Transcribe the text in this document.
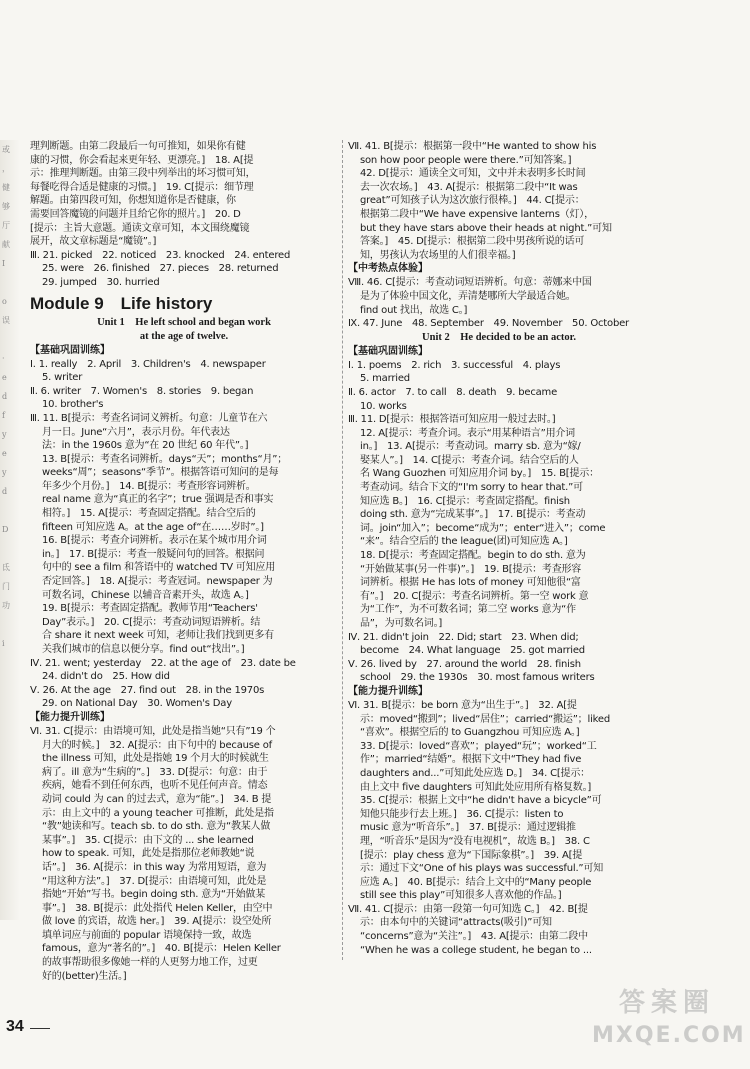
或
，
健
够
厅
献
I
o
误
·
e
d
f
y
e
y
d
D
氐
门
功
i
理判断题。由第二段最后一句可推知，如果你有健
康的习惯，你会看起来更年轻、更漂亮。]　18. A[提
示：推理判断题。由第三段中列举出的坏习惯可知，
每餐吃得合适是健康的习惯。]　19. C[提示：细节理
解题。由第四段可知，你想知道你是否健康，你
需要回答魔镜的问题并且给它你的照片。]　20. D
[提示：主旨大意题。通读文章可知，本文围绕魔镜
展开，故文章标题是“魔镜”。]
Ⅲ. 21. picked　22. noticed　23. knocked　24. entered
25. were　26. finished　27. pieces　28. returned
29. jumped　30. hurried
Module 9　Life history
Unit 1　He left school and began work
at the age of twelve.
【基础巩固训练】
Ⅰ. 1. really　2. April　3. Children's　4. newspaper
5. writer
Ⅱ. 6. writer　7. Women's　8. stories　9. began
10. brother's
Ⅲ. 11. B[提示：考查名词词义辨析。句意：儿童节在六
月一日。June“六月”，表示月份。年代表达
法：in the 1960s 意为“在 20 世纪 60 年代”。]
13. B[提示：考查名词辨析。days“天”；months“月”；
weeks“周”；seasons“季节”。根据答语可知问的是每
年多少个月份。]　14. B[提示：考查形容词辨析。
real name 意为“真正的名字”；true 强调是否和事实
相符。]　15. A[提示：考查固定搭配。结合空后的
fifteen 可知应选 A。at the age of“在……岁时”。]
16. B[提示：考查介词辨析。表示在某个城市用介词
in。]　17. B[提示：考查一般疑问句的回答。根据问
句中的 see a film 和答语中的 watched TV 可知应用
否定回答。]　18. A[提示：考查冠词。newspaper 为
可数名词，Chinese 以辅音音素开头，故选 A。]
19. B[提示：考查固定搭配。教师节用“Teachers'
Day”表示。]　20. C[提示：考查动词短语辨析。结
合 share it next week 可知，老师让我们找到更多有
关我们城市的信息以便分享。find out“找出”。]
Ⅳ. 21. went; yesterday　22. at the age of　23. date be
24. didn't do　25. How did
Ⅴ. 26. At the age　27. find out　28. in the 1970s
29. on National Day　30. Women's Day
【能力提升训练】
Ⅵ. 31. C[提示：由语境可知，此处是指当她“只有”19 个
月大的时候。]　32. A[提示：由下句中的 because of
the illness 可知，此处是指她 19 个月大的时候就生
病了。ill 意为“生病的”。]　33. D[提示：句意：由于
疾病，她看不到任何东西，也听不见任何声音。情态
动词 could 为 can 的过去式，意为“能”。]　34. B 提
示：由上文中的 a young teacher 可推断，此处是指
“教”她读和写。teach sb. to do sth. 意为“教某人做
某事”。]　35. C[提示：由下文的 ... she learned
how to speak. 可知，此处是指那位老师教她“说
话”。]　36. A[提示：in this way 为常用短语，意为
“用这种方法”。]　37. D[提示：由语境可知，此处是
指她“开始”写书。begin doing sth. 意为“开始做某
事”。]　38. B[提示：此处指代 Helen Keller，由空中
做 love 的宾语，故选 her。]　39. A[提示：设空处所
填单词应与前面的 popular 语境保持一致，故选
famous，意为“著名的”。]　40. B[提示：Helen Keller
的故事帮助很多像她一样的人更努力地工作，过更
好的(better)生活。]
Ⅶ. 41. B[提示：根据第一段中“He wanted to show his
son how poor people were there.”可知答案。]
42. D[提示：通读全文可知，文中并未表明多长时间
去一次农场。]　43. A[提示：根据第二段中“It was
great”可知孩子认为这次旅行很棒。]　44. C[提示：
根据第二段中“We have expensive lanterns（灯），
but they have stars above their heads at night.”可知
答案。]　45. D[提示：根据第二段中男孩所说的话可
知，男孩认为农场里的人们很幸福。]
【中考热点体验】
Ⅷ. 46. C[提示：考查动词短语辨析。句意：蒂娜来中国
是为了体验中国文化，弄清楚哪所大学最适合她。
find out 找出，故选 C。]
Ⅸ. 47. June　48. September　49. November　50. October
Unit 2　He decided to be an actor.
【基础巩固训练】
Ⅰ. 1. poems　2. rich　3. successful　4. plays
5. married
Ⅱ. 6. actor　7. to call　8. death　9. became
10. works
Ⅲ. 11. D[提示：根据答语可知应用一般过去时。]
12. A[提示：考查介词。表示“用某种语言”用介词
in。]　13. A[提示：考查动词。marry sb. 意为“嫁/
娶某人”。]　14. C[提示：考查介词。结合空后的人
名 Wang Guozhen 可知应用介词 by。]　15. B[提示：
考查动词。结合下文的“I'm sorry to hear that.”可
知应选 B。]　16. C[提示：考查固定搭配。finish
doing sth. 意为“完成某事”。]　17. B[提示：考查动
词。join“加入”；become“成为”；enter“进入”；come
“来”。结合空后的 the league(团)可知应选 A。]
18. D[提示：考查固定搭配。begin to do sth. 意为
“开始做某事(另一件事)”。]　19. B[提示：考查形容
词辨析。根据 He has lots of money 可知他很“富
有”。]　20. C[提示：考查名词辨析。第一空 work 意
为“工作”，为不可数名词；第二空 works 意为“作
品”，为可数名词。]
Ⅳ. 21. didn't join　22. Did; start　23. When did;
become　24. What language　25. got married
Ⅴ. 26. lived by　27. around the world　28. finish
school　29. the 1930s　30. most famous writers
【能力提升训练】
Ⅵ. 31. B[提示：be born 意为“出生于”。]　32. A[提
示：moved“搬到”；lived“居住”；carried“搬运”；liked
“喜欢”。根据空后的 to Guangzhou 可知应选 A。]
33. D[提示：loved“喜欢”；played“玩”；worked“工
作”；married“结婚”。根据下文中“They had five
daughters and...”可知此处应选 D。]　34. C[提示：
由上文中 five daughters 可知此处应用所有格复数。]
35. C[提示：根据上文中“he didn't have a bicycle”可
知他只能步行去上班。]　36. C[提示：listen to
music 意为“听音乐”。]　37. B[提示：通过逻辑推
理，“听音乐”是因为“没有电视机”，故选 B。]　38. C
[提示：play chess 意为“下国际象棋”。]　39. A[提
示：通过下文“One of his plays was successful.”可知
应选 A。]　40. B[提示：结合上文中的“Many people
still see this play”可知很多人喜欢他的作品。]
Ⅶ. 41. C[提示：由第一段第一句可知选 C。]　42. B[提
示：由本句中的关键词“attracts(吸引)”可知
“concerns”意为“关注”。]　43. A[提示：由第二段中
“When he was a college student, he began to ...
34
答案圈
MXQE.COM
